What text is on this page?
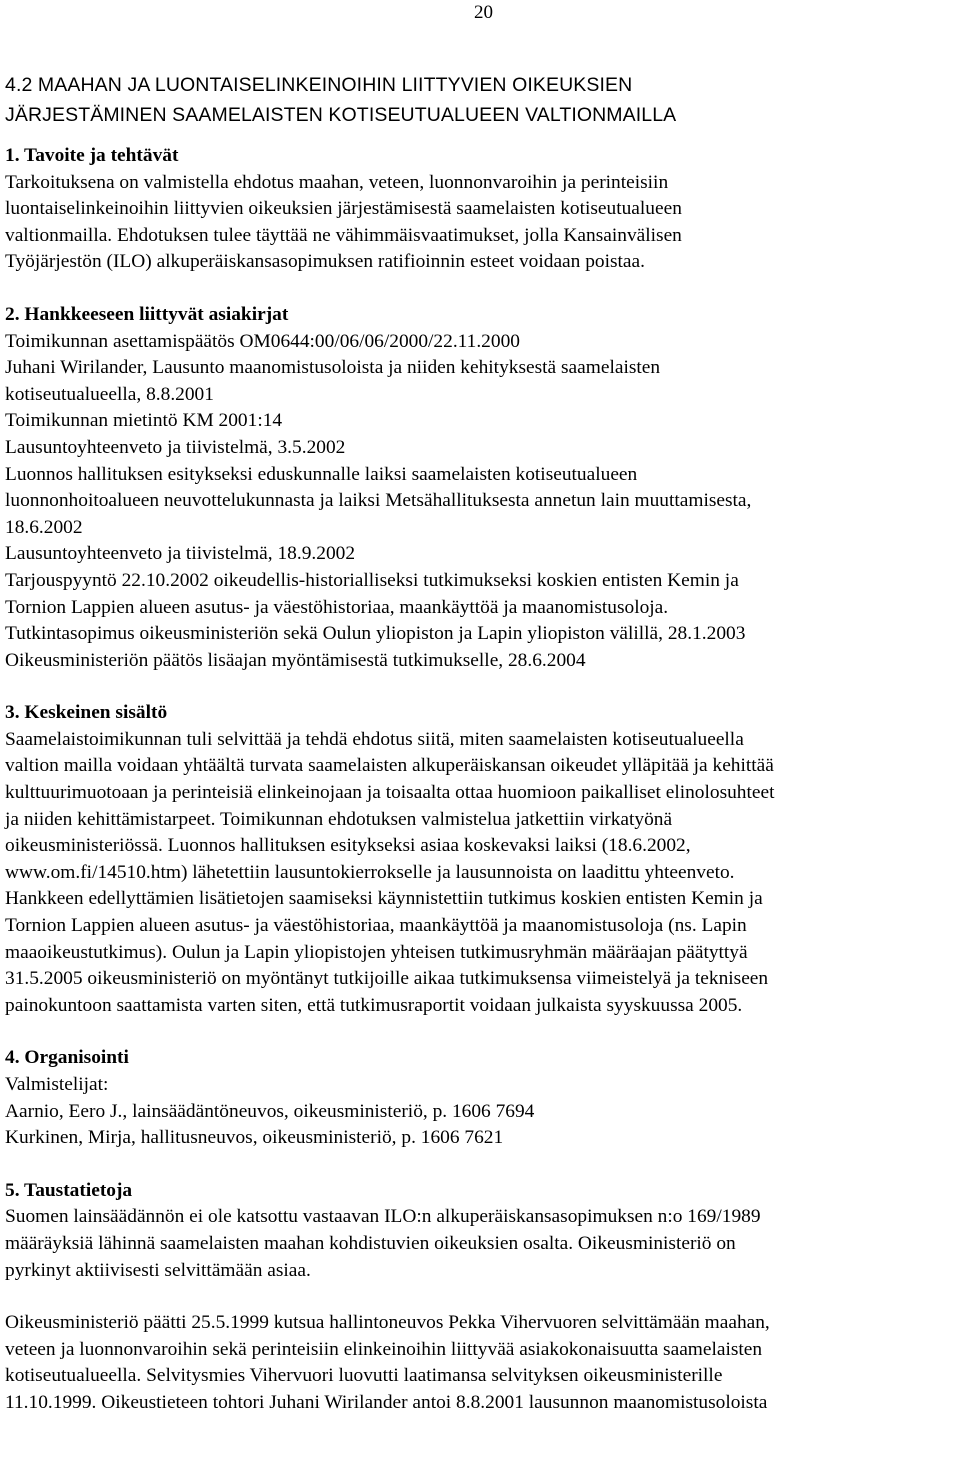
20
4.2 MAAHAN JA LUONTAISELINKEINOIHIN LIITTYVIEN OIKEUKSIEN
JÄRJESTÄMINEN SAAMELAISTEN KOTISEUTUALUEEN VALTIONMAILLA
1. Tavoite ja tehtävät
Tarkoituksena on valmistella ehdotus maahan, veteen, luonnonvaroihin ja perinteisiin
luontaiselinkeinoihin liittyvien oikeuksien järjestämisestä saamelaisten kotiseutualueen
valtionmailla. Ehdotuksen tulee täyttää ne vähimmäisvaatimukset, jolla Kansainvälisen
Työjärjestön (ILO) alkuperäiskansasopimuksen ratifioinnin esteet voidaan poistaa.
2. Hankkeeseen liittyvät asiakirjat
Toimikunnan asettamispäätös OM0644:00/06/06/2000/22.11.2000
Juhani Wirilander, Lausunto maanomistusoloista ja niiden kehityksestä saamelaisten
kotiseutualueella, 8.8.2001
Toimikunnan mietintö KM 2001:14
Lausuntoyhteenveto ja tiivistelmä, 3.5.2002
Luonnos hallituksen esitykseksi eduskunnalle laiksi saamelaisten kotiseutualueen
luonnonhoitoalueen neuvottelukunnasta ja laiksi Metsähallituksesta annetun lain muuttamisesta,
18.6.2002
Lausuntoyhteenveto ja tiivistelmä, 18.9.2002
Tarjouspyyntö 22.10.2002 oikeudellis-historialliseksi tutkimukseksi koskien entisten Kemin ja
Tornion Lappien alueen asutus- ja väestöhistoriaa, maankäyttöä ja maanomistusoloja.
Tutkintasopimus oikeusministeriön sekä Oulun yliopiston ja Lapin yliopiston välillä, 28.1.2003
Oikeusministeriön päätös lisäajan myöntämisestä tutkimukselle, 28.6.2004
3. Keskeinen sisältö
Saamelaistoimikunnan tuli selvittää ja tehdä ehdotus siitä, miten saamelaisten kotiseutualueella
valtion mailla voidaan yhtäältä turvata saamelaisten alkuperäiskansan oikeudet ylläpitää ja kehittää
kulttuurimuotoaan ja perinteisiä elinkeinojaan ja toisaalta ottaa huomioon paikalliset elinolosuhteet
ja niiden kehittämistarpeet. Toimikunnan ehdotuksen valmistelua jatkettiin virkatyönä
oikeusministeriössä. Luonnos hallituksen esitykseksi asiaa koskevaksi laiksi (18.6.2002,
www.om.fi/14510.htm) lähetettiin lausuntokierrokselle ja lausunnoista on laadittu yhteenveto.
Hankkeen edellyttämien lisätietojen saamiseksi käynnistettiin tutkimus koskien entisten Kemin ja
Tornion Lappien alueen asutus- ja väestöhistoriaa, maankäyttöä ja maanomistusoloja (ns. Lapin
maaoikeustutkimus). Oulun ja Lapin yliopistojen yhteisen tutkimusryhmän määräajan päätyttyä
31.5.2005 oikeusministeriö on myöntänyt tutkijoille aikaa tutkimuksensa viimeistelyä ja tekniseen
painokuntoon saattamista varten siten, että tutkimusraportit voidaan julkaista syyskuussa 2005.
4. Organisointi
Valmistelijat:
Aarnio, Eero J., lainsäädäntöneuvos, oikeusministeriö, p. 1606 7694
Kurkinen, Mirja, hallitusneuvos, oikeusministeriö, p. 1606 7621
5. Taustatietoja
Suomen lainsäädännön ei ole katsottu vastaavan ILO:n alkuperäiskansasopimuksen n:o 169/1989
määräyksiä lähinnä saamelaisten maahan kohdistuvien oikeuksien osalta. Oikeusministeriö on
pyrkinyt aktiivisesti selvittämään asiaa.
Oikeusministeriö päätti 25.5.1999 kutsua hallintoneuvos Pekka Vihervuoren selvittämään maahan,
veteen ja luonnonvaroihin sekä perinteisiin elinkeinoihin liittyvää asiakokonaisuutta saamelaisten
kotiseutualueella. Selvitysmies Vihervuori luovutti laatimansa selvityksen oikeusministerille
11.10.1999. Oikeustieteen tohtori Juhani Wirilander antoi 8.8.2001 lausunnon maanomistusoloista
